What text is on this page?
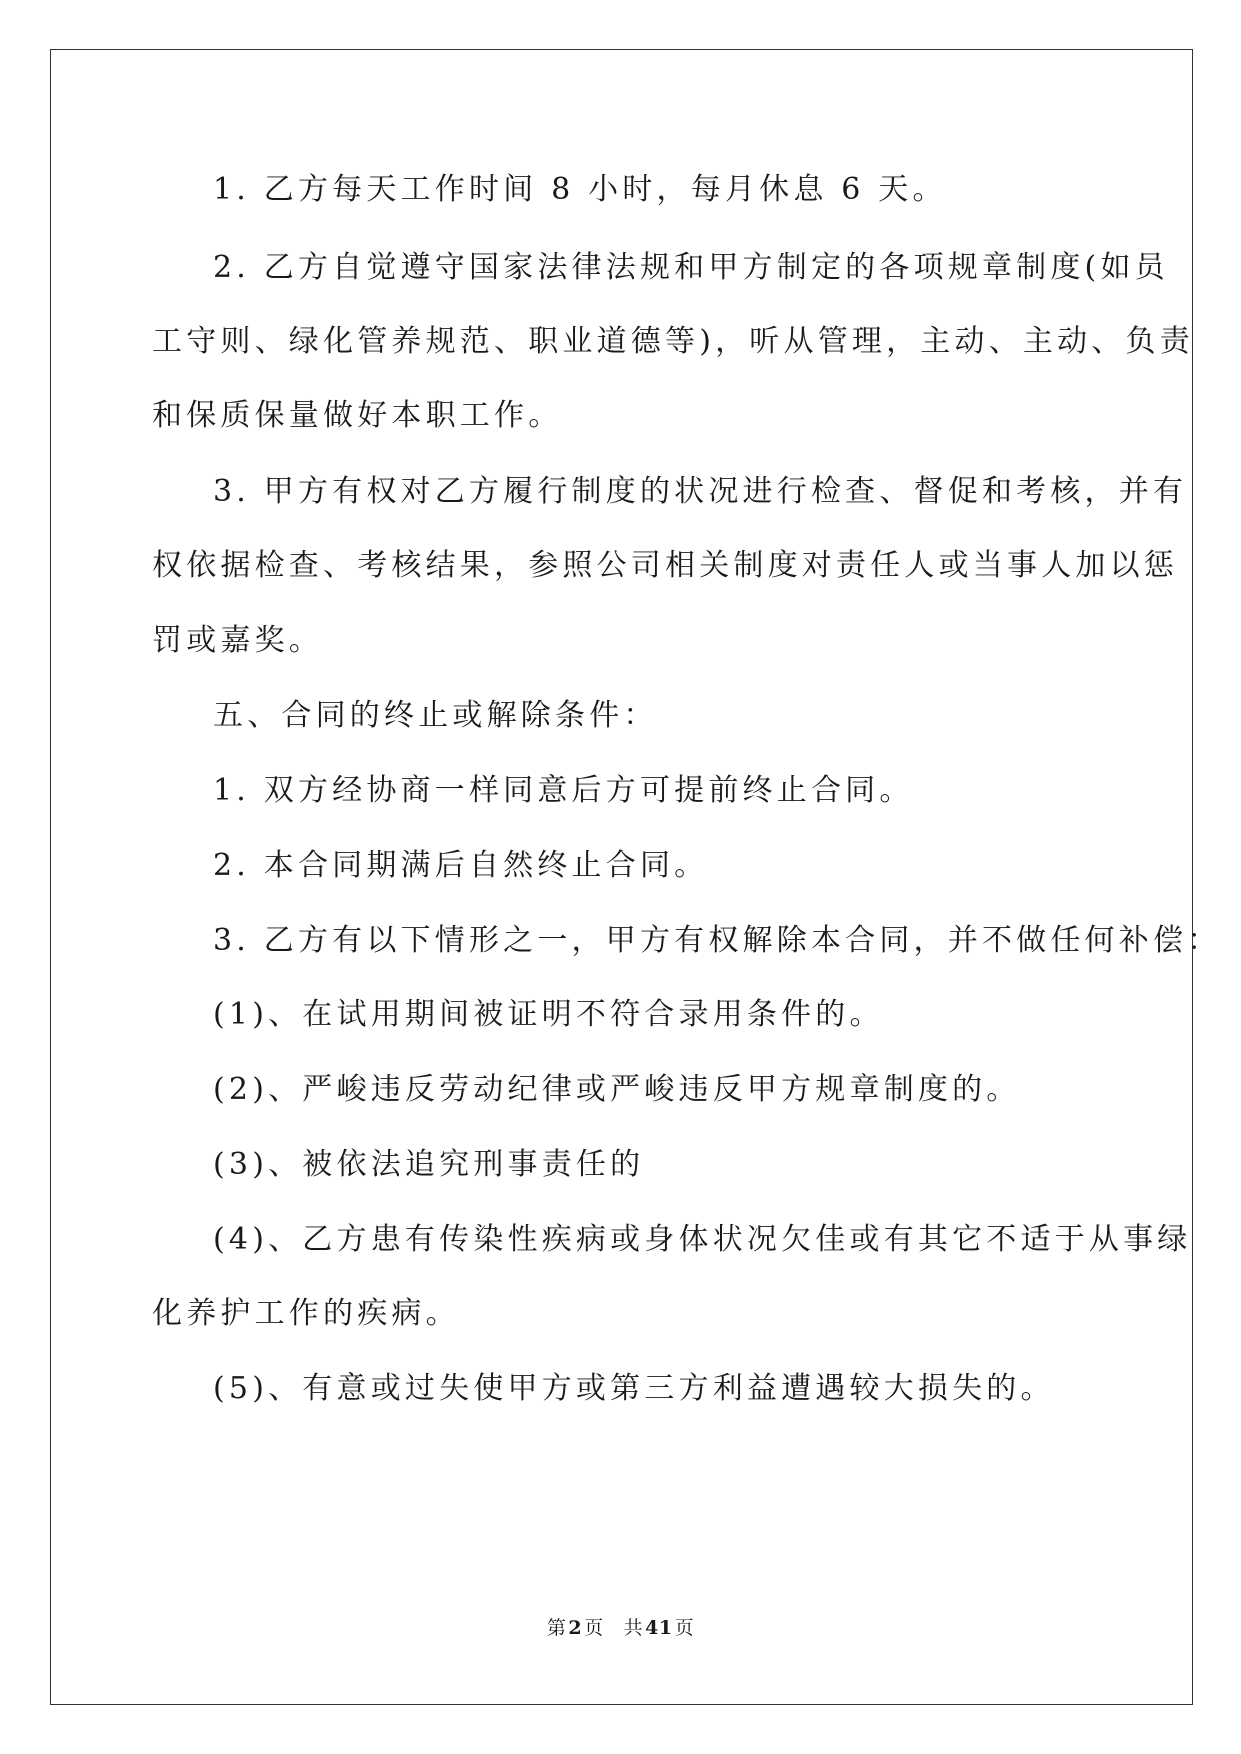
1. 乙方每天工作时间 8 小时，每月休息 6 天。
2. 乙方自觉遵守国家法律法规和甲方制定的各项规章制度(如员
工守则、绿化管养规范、职业道德等)，听从管理，主动、主动、负责
和保质保量做好本职工作。
3. 甲方有权对乙方履行制度的状况进行检查、督促和考核，并有
权依据检查、考核结果，参照公司相关制度对责任人或当事人加以惩
罚或嘉奖。
五、合同的终止或解除条件：
1. 双方经协商一样同意后方可提前终止合同。
2. 本合同期满后自然终止合同。
3. 乙方有以下情形之一，甲方有权解除本合同，并不做任何补偿：
(1)、在试用期间被证明不符合录用条件的。
(2)、严峻违反劳动纪律或严峻违反甲方规章制度的。
(3)、被依法追究刑事责任的
(4)、乙方患有传染性疾病或身体状况欠佳或有其它不适于从事绿
化养护工作的疾病。
(5)、有意或过失使甲方或第三方利益遭遇较大损失的。
第 2 页 共 41 页
